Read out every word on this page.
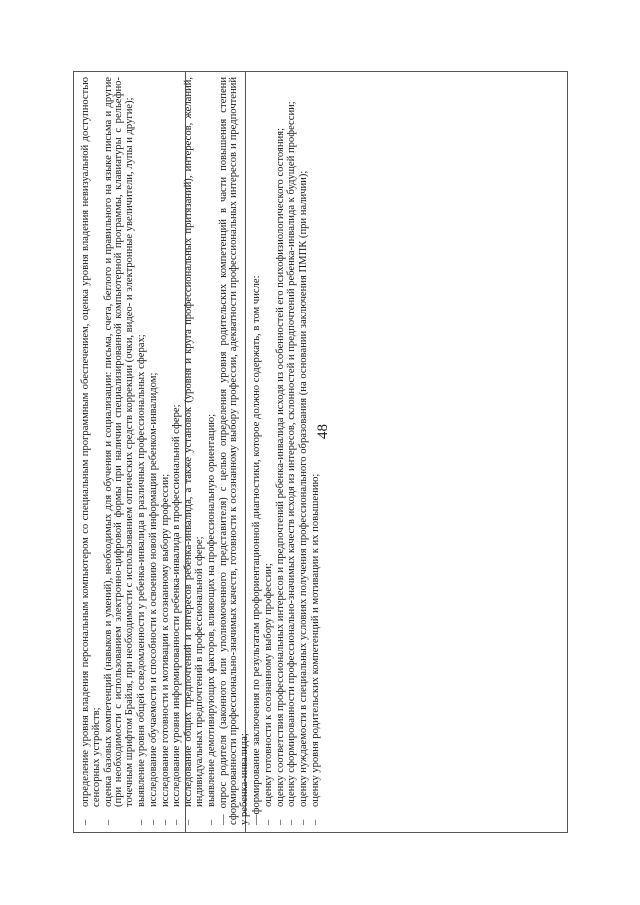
48
–
определение уровня владения персональным компьютером со специальным программным обеспечением, оценка уровня владения невизуальной доступностью сенсорных устройств;
–
оценка базовых компетенций (навыков и умений), необходимых для обучения и социализации: письма, счета, беглого и правильного на языке письма и другие (при необходимости с использованием электронно-цифровой формы при наличии специализированной компьютерной программы, клавиатуры с рельефно-точечным шрифтом Брайля, при необходимости с использованием оптических средств коррекции (очки, видео- и электронные увеличители, лупы и другие);
–
выявление уровня общей осведомленности у ребенка-инвалида в различных профессиональных сферах;
–
исследование обучаемости и способности к освоению новой информации ребенком-инвалидом;
–
исследование готовности и мотивации к осознанному выбору профессии;
–
исследование уровня информированности ребенка-инвалида в профессиональной сфере;
–
исследование общих предпочтений и интересов ребенка-инвалида, а также установок (уровня и круга профессиональных притязаний), интересов, желаний, индивидуальных предпочтений в профессиональной сфере;
–
выявление демотивирующих факторов, влияющих на профессиональную ориентацию;
— опрос родителя (законного или уполномоченного представителя) с целью определения уровня родительских компетенций в части повышения степени сформированности профессионально-значимых качеств, готовности к осознанному выбору профессии, адекватности профессиональных интересов и предпочтений у ребенка-инвалида; —формирование заключения по результатам профориентационной диагностики, которое должно содержать, в том числе:
–
оценку готовности к осознанному выбору профессии;
–
оценку соответствия профессиональных интересов и предпочтений ребенка-инвалида исходя из особенностей его психофизиологического состояния;
–
оценку сформированности профессионально-значимых качеств исходя из интересов, склонностей и предпочтений ребенка-инвалида к будущей профессии;
–
оценку нуждаемости в специальных условиях получения профессионального образования (на основании заключения ПМПК (при наличии);
–
оценку уровня родительских компетенций и мотивации к их повышению;
